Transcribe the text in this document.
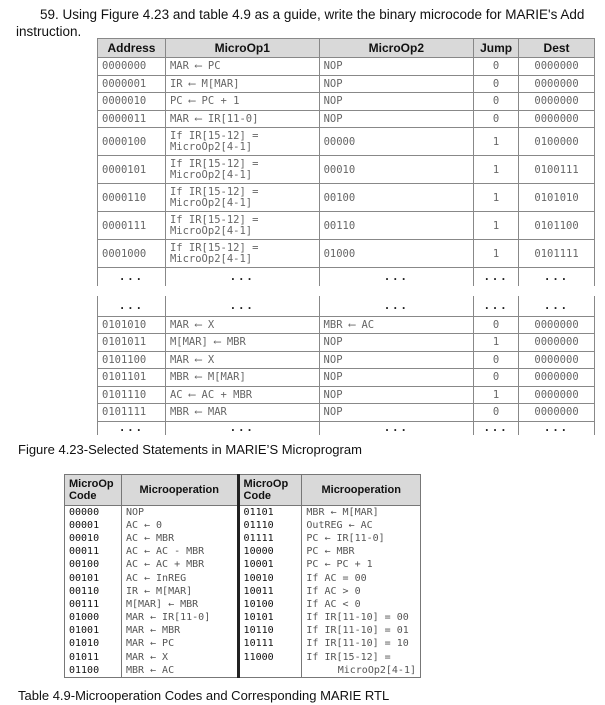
59. Using Figure 4.23 and table 4.9 as a guide, write the binary microcode for MARIE's Add instruction.
Address	MicroOp1	MicroOp2	Jump	Dest
0000000	MAR ⟵ PC	NOP	0	0000000
0000001	IR ⟵ M[MAR]	NOP	0	0000000
0000010	PC ⟵ PC + 1	NOP	0	0000000
0000011	MAR ⟵ IR[11-0]	NOP	0	0000000
0000100	If IR[15-12] =
MicroOp2[4-1]	00000	1	0100000
0000101	If IR[15-12] =
MicroOp2[4-1]	00010	1	0100111
0000110	If IR[15-12] =
MicroOp2[4-1]	00100	1	0101010
0000111	If IR[15-12] =
MicroOp2[4-1]	00110	1	0101100
0001000	If IR[15-12] =
MicroOp2[4-1]	01000	1	0101111
...	...	...	...	...
...	...	...	...	...
0101010	MAR ⟵ X	MBR ⟵ AC	0	0000000
0101011	M[MAR] ⟵ MBR	NOP	1	0000000
0101100	MAR ⟵ X	NOP	0	0000000
0101101	MBR ⟵ M[MAR]	NOP	0	0000000
0101110	AC ⟵ AC + MBR	NOP	1	0000000
0101111	MBR ⟵ MAR	NOP	0	0000000
...	...	...	...	...
Figure 4.23-Selected Statements in MARIE’S Microprogram
MicroOp Code	Microoperation	MicroOp Code	Microoperation
00000	NOP	01101	MBR ← M[MAR]
00001	AC ← 0	01110	OutREG ← AC
00010	AC ← MBR	01111	PC ← IR[11-0]
00011	AC ← AC - MBR	10000	PC ← MBR
00100	AC ← AC + MBR	10001	PC ← PC + 1
00101	AC ← InREG	10010	If AC = 00
00110	IR ← M[MAR]	10011	If AC > 0
00111	M[MAR] ← MBR	10100	If AC < 0
01000	MAR ← IR[11-0]	10101	If IR[11-10] = 00
01001	MAR ← MBR	10110	If IR[11-10] = 01
01010	MAR ← PC	10111	If IR[11-10] = 10
01011	MAR ← X	11000	If IR[15-12] =
01100	MBR ← AC		MicroOp2[4-1]
Table 4.9-Microoperation Codes and Corresponding MARIE RTL
